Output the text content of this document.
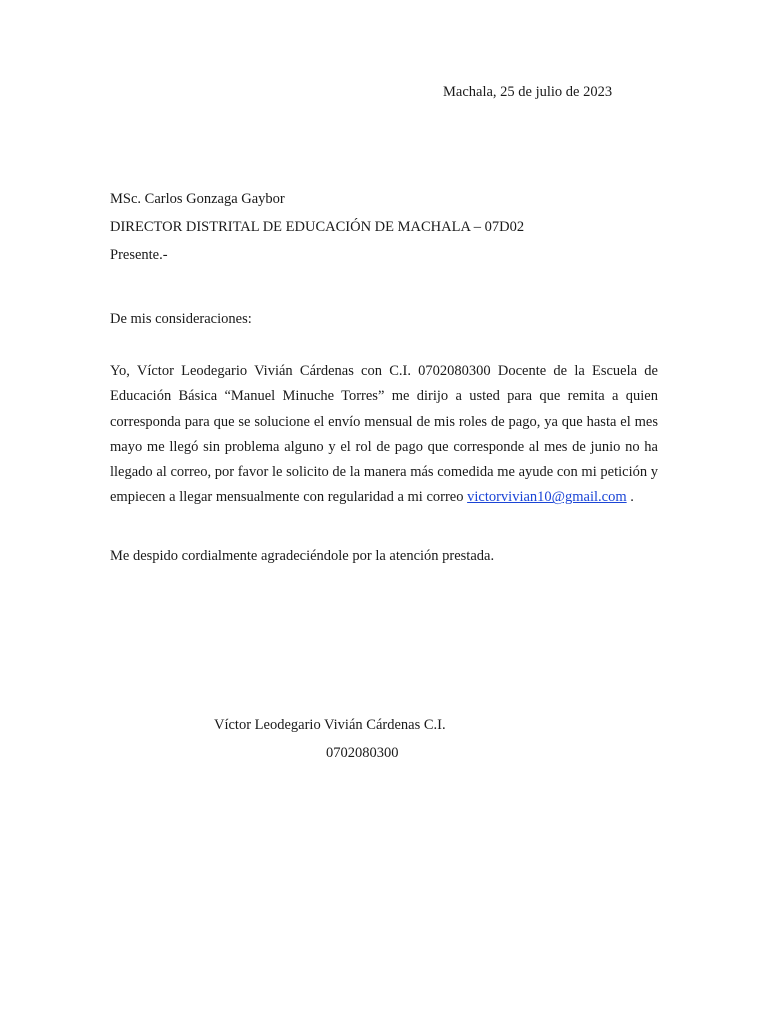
Machala, 25 de julio de 2023
MSc. Carlos Gonzaga Gaybor
DIRECTOR DISTRITAL DE EDUCACIÓN DE MACHALA – 07D02
Presente.-
De mis consideraciones:
Yo, Víctor Leodegario Vivián Cárdenas con C.I. 0702080300 Docente de la Escuela de Educación Básica “Manuel Minuche Torres” me dirijo a usted para que remita a quien corresponda para que se solucione el envío mensual de mis roles de pago, ya que hasta el mes mayo me llegó sin problema alguno y el rol de pago que corresponde al mes de junio no ha llegado al correo, por favor le solicito de la manera más comedida me ayude con mi petición y empiecen a llegar mensualmente con regularidad a mi correo victorvivian10@gmail.com .
Me despido cordialmente agradeciéndole por la atención prestada.
Víctor Leodegario Vivián Cárdenas C.I.
0702080300
